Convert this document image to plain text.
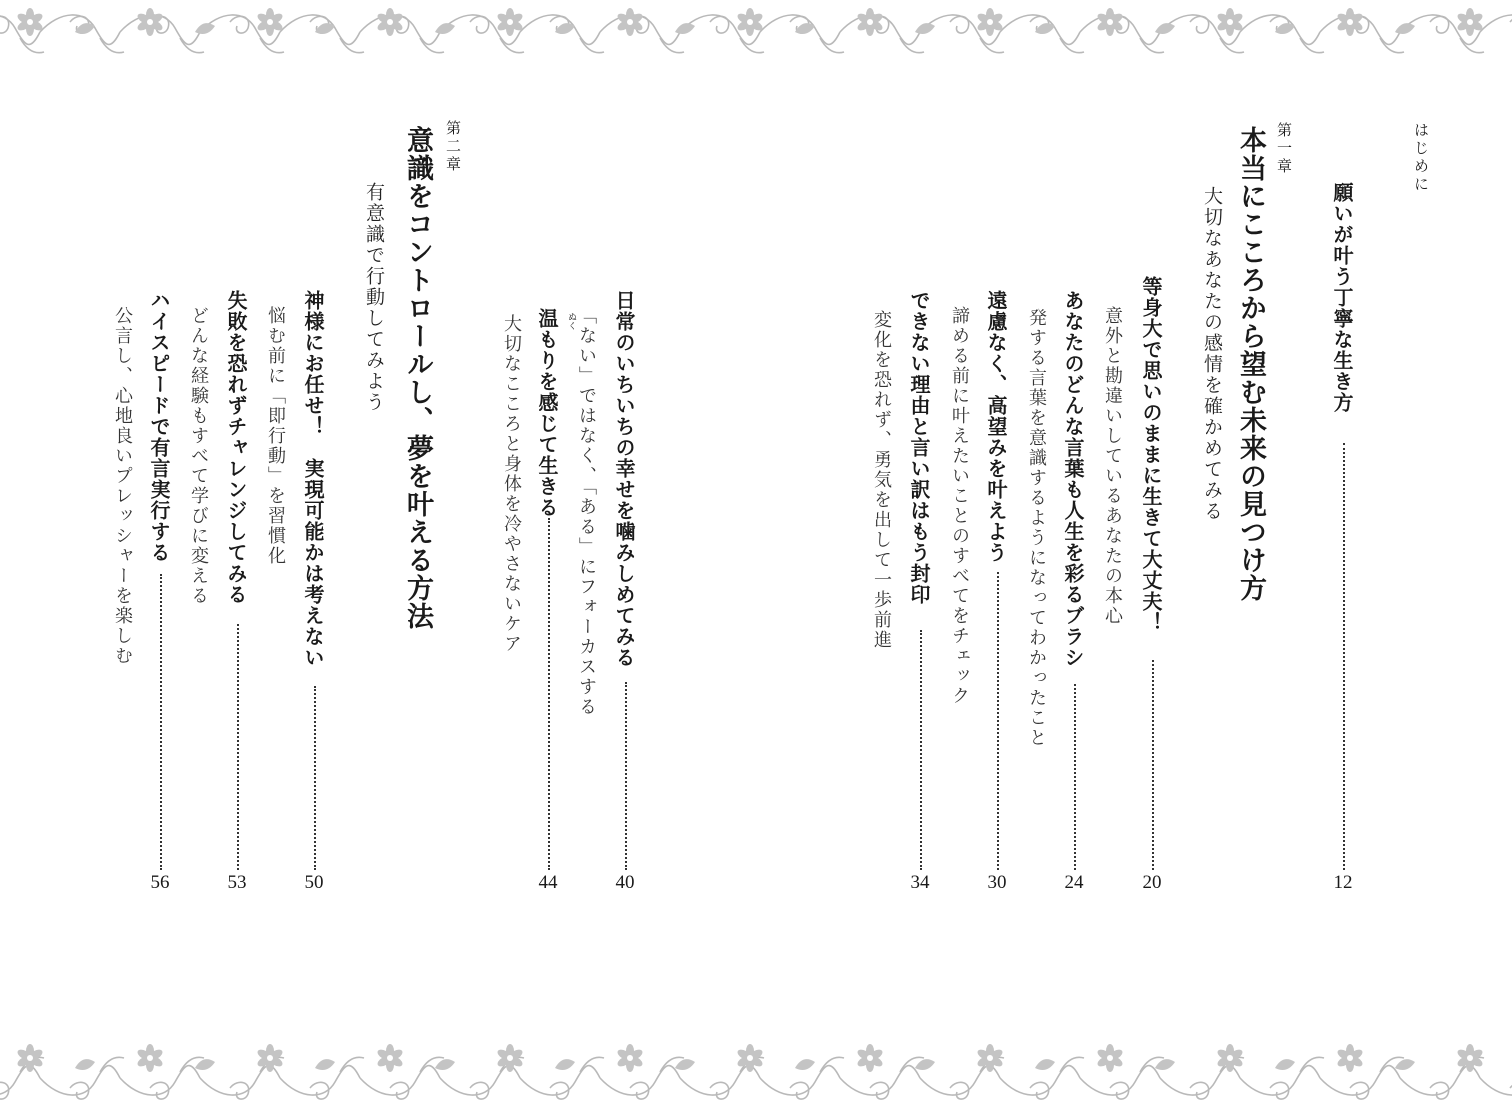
はじめに
願いが叶う丁寧な生き方
12
第一章
本当にこころから望む未来の見つけ方
大切なあなたの感情を確かめてみる
等身大で思いのままに生きて大丈夫！
20
意外と勘違いしているあなたの本心
あなたのどんな言葉も人生を彩るブラシ
24
発する言葉を意識するようになってわかったこと
遠慮なく、高望みを叶えよう
30
諦める前に叶えたいことのすべてをチェック
できない理由と言い訳はもう封印
34
変化を恐れず、勇気を出して一歩前進
日常のいちいちの幸せを噛みしめてみる
40
「ない」ではなく、「ある」にフォーカスする
ぬく
温もりを感じて生きる
44
大切なこころと身体を冷やさないケア
第二章
意識をコントロールし、夢を叶える方法
有意識で行動してみよう
神様にお任せ！　実現可能かは考えない
50
悩む前に「即行動」を習慣化
失敗を恐れずチャレンジしてみる
53
どんな経験もすべて学びに変える
ハイスピードで有言実行する
56
公言し、心地良いプレッシャーを楽しむ
